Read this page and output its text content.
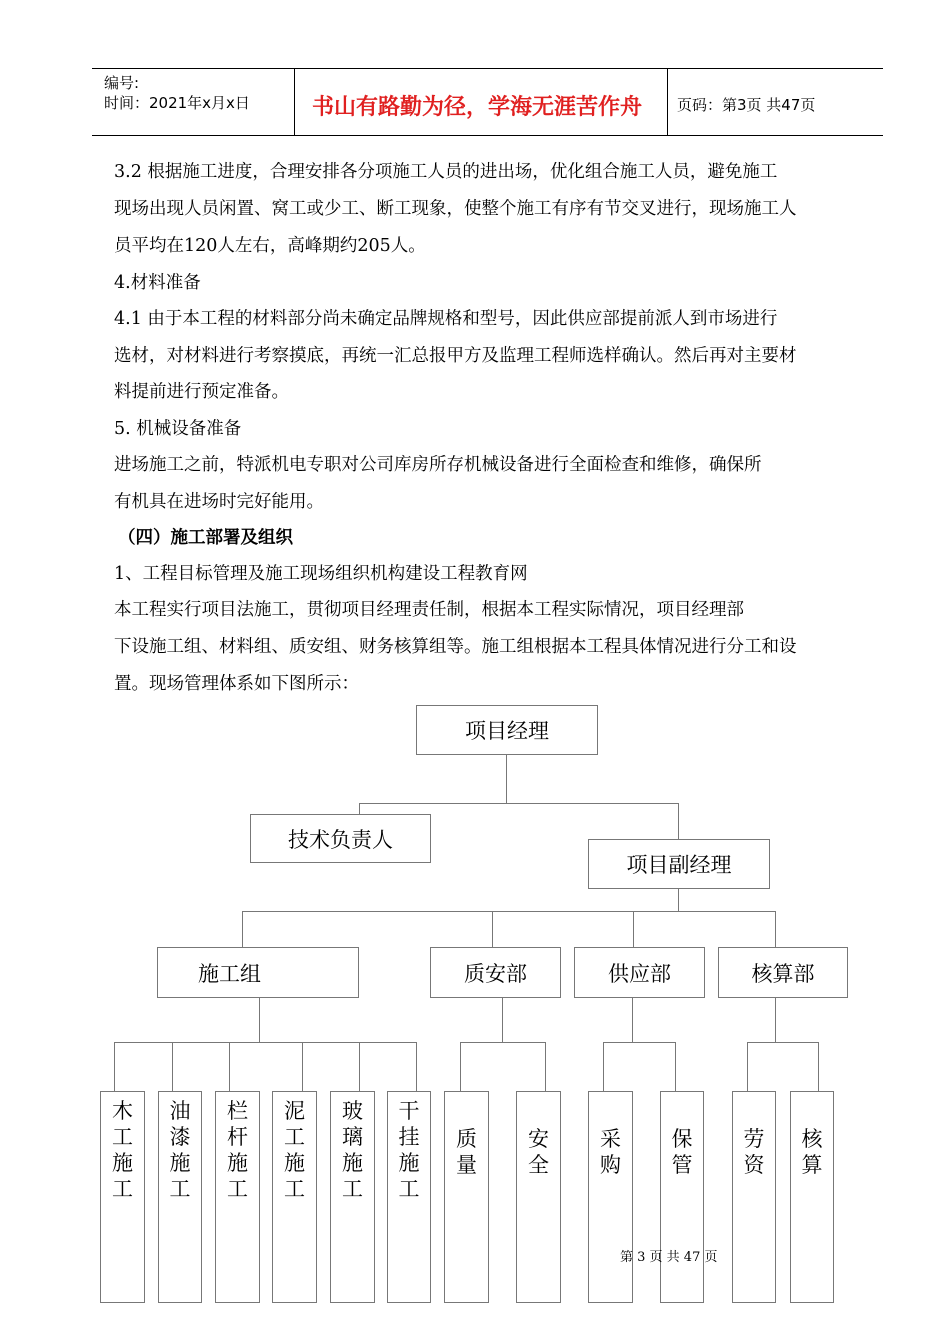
编号:
时间：2021年x月x日	书山有路勤为径，学海无涯苦作舟 页码：第3页 共47页
3.2 根据施工进度，合理安排各分项施工人员的进出场，优化组合施工人员，避免施工
现场出现人员闲置、窝工或少工、断工现象，使整个施工有序有节交叉进行，现场施工人
员平均在120人左右，高峰期约205人。
4.材料准备
4.1 由于本工程的材料部分尚未确定品牌规格和型号，因此供应部提前派人到市场进行
选材，对材料进行考察摸底，再统一汇总报甲方及监理工程师选样确认。然后再对主要材
料提前进行预定准备。
5. 机械设备准备
进场施工之前，特派机电专职对公司库房所存机械设备进行全面检查和维修，确保所
有机具在进场时完好能用。
（四）施工部署及组织
1、工程目标管理及施工现场组织机构建设工程教育网
本工程实行项目法施工，贯彻项目经理责任制，根据本工程实际情况，项目经理部
下设施工组、材料组、质安组、财务核算组等。施工组根据本工程具体情况进行分工和设
置。现场管理体系如下图所示：
项目经理
技术负责人
项目副经理
施工组	质安部	供应部	核算部
木
工
施
工
油
漆
施
工
栏
杆
施
工
泥
工
施
工
玻
璃
施
工
干
挂
施
工
质
量
安
全
采
购
保
管
劳
资
核
算
第 3 页 共 47 页
